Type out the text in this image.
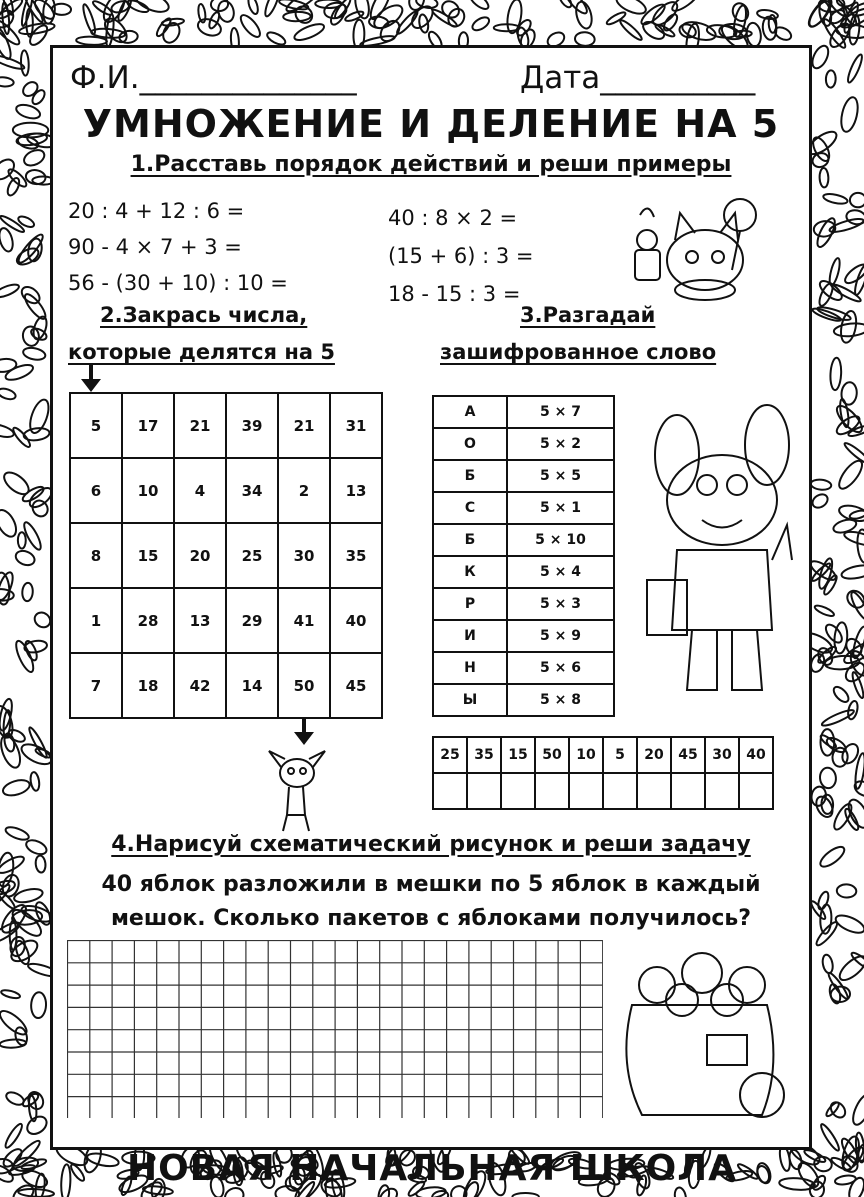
Ф.И.______________	Дата__________
УМНОЖЕНИЕ И ДЕЛЕНИЕ НА 5
1.Расставь порядок действий и реши примеры
20 : 4 + 12 : 6 =
90 - 4 × 7 + 3 =
56 - (30 + 10) : 10 =
40 : 8 × 2 =
(15 + 6) : 3 =
18 - 15 : 3 =
2.Закрась числа,
которые делятся на 5
5	17	21	39	21	31
6	10	4	34	2	13
8	15	20	25	30	35
1	28	13	29	41	40
7	18	42	14	50	45
3.Разгадай
зашифрованное слово
А	5 × 7
О	5 × 2
Б	5 × 5
С	5 × 1
Б	5 × 10
К	5 × 4
Р	5 × 3
И	5 × 9
Н	5 × 6
Ы	5 × 8
25	35	15	50	10	5	20	45	30	40

4.Нарисуй схематический рисунок и реши задачу
40 яблок разложили в мешки по 5 яблок в каждый
мешок. Сколько пакетов с яблоками получилось?
НОВАЯ НАЧАЛЬНАЯ ШКОЛА
